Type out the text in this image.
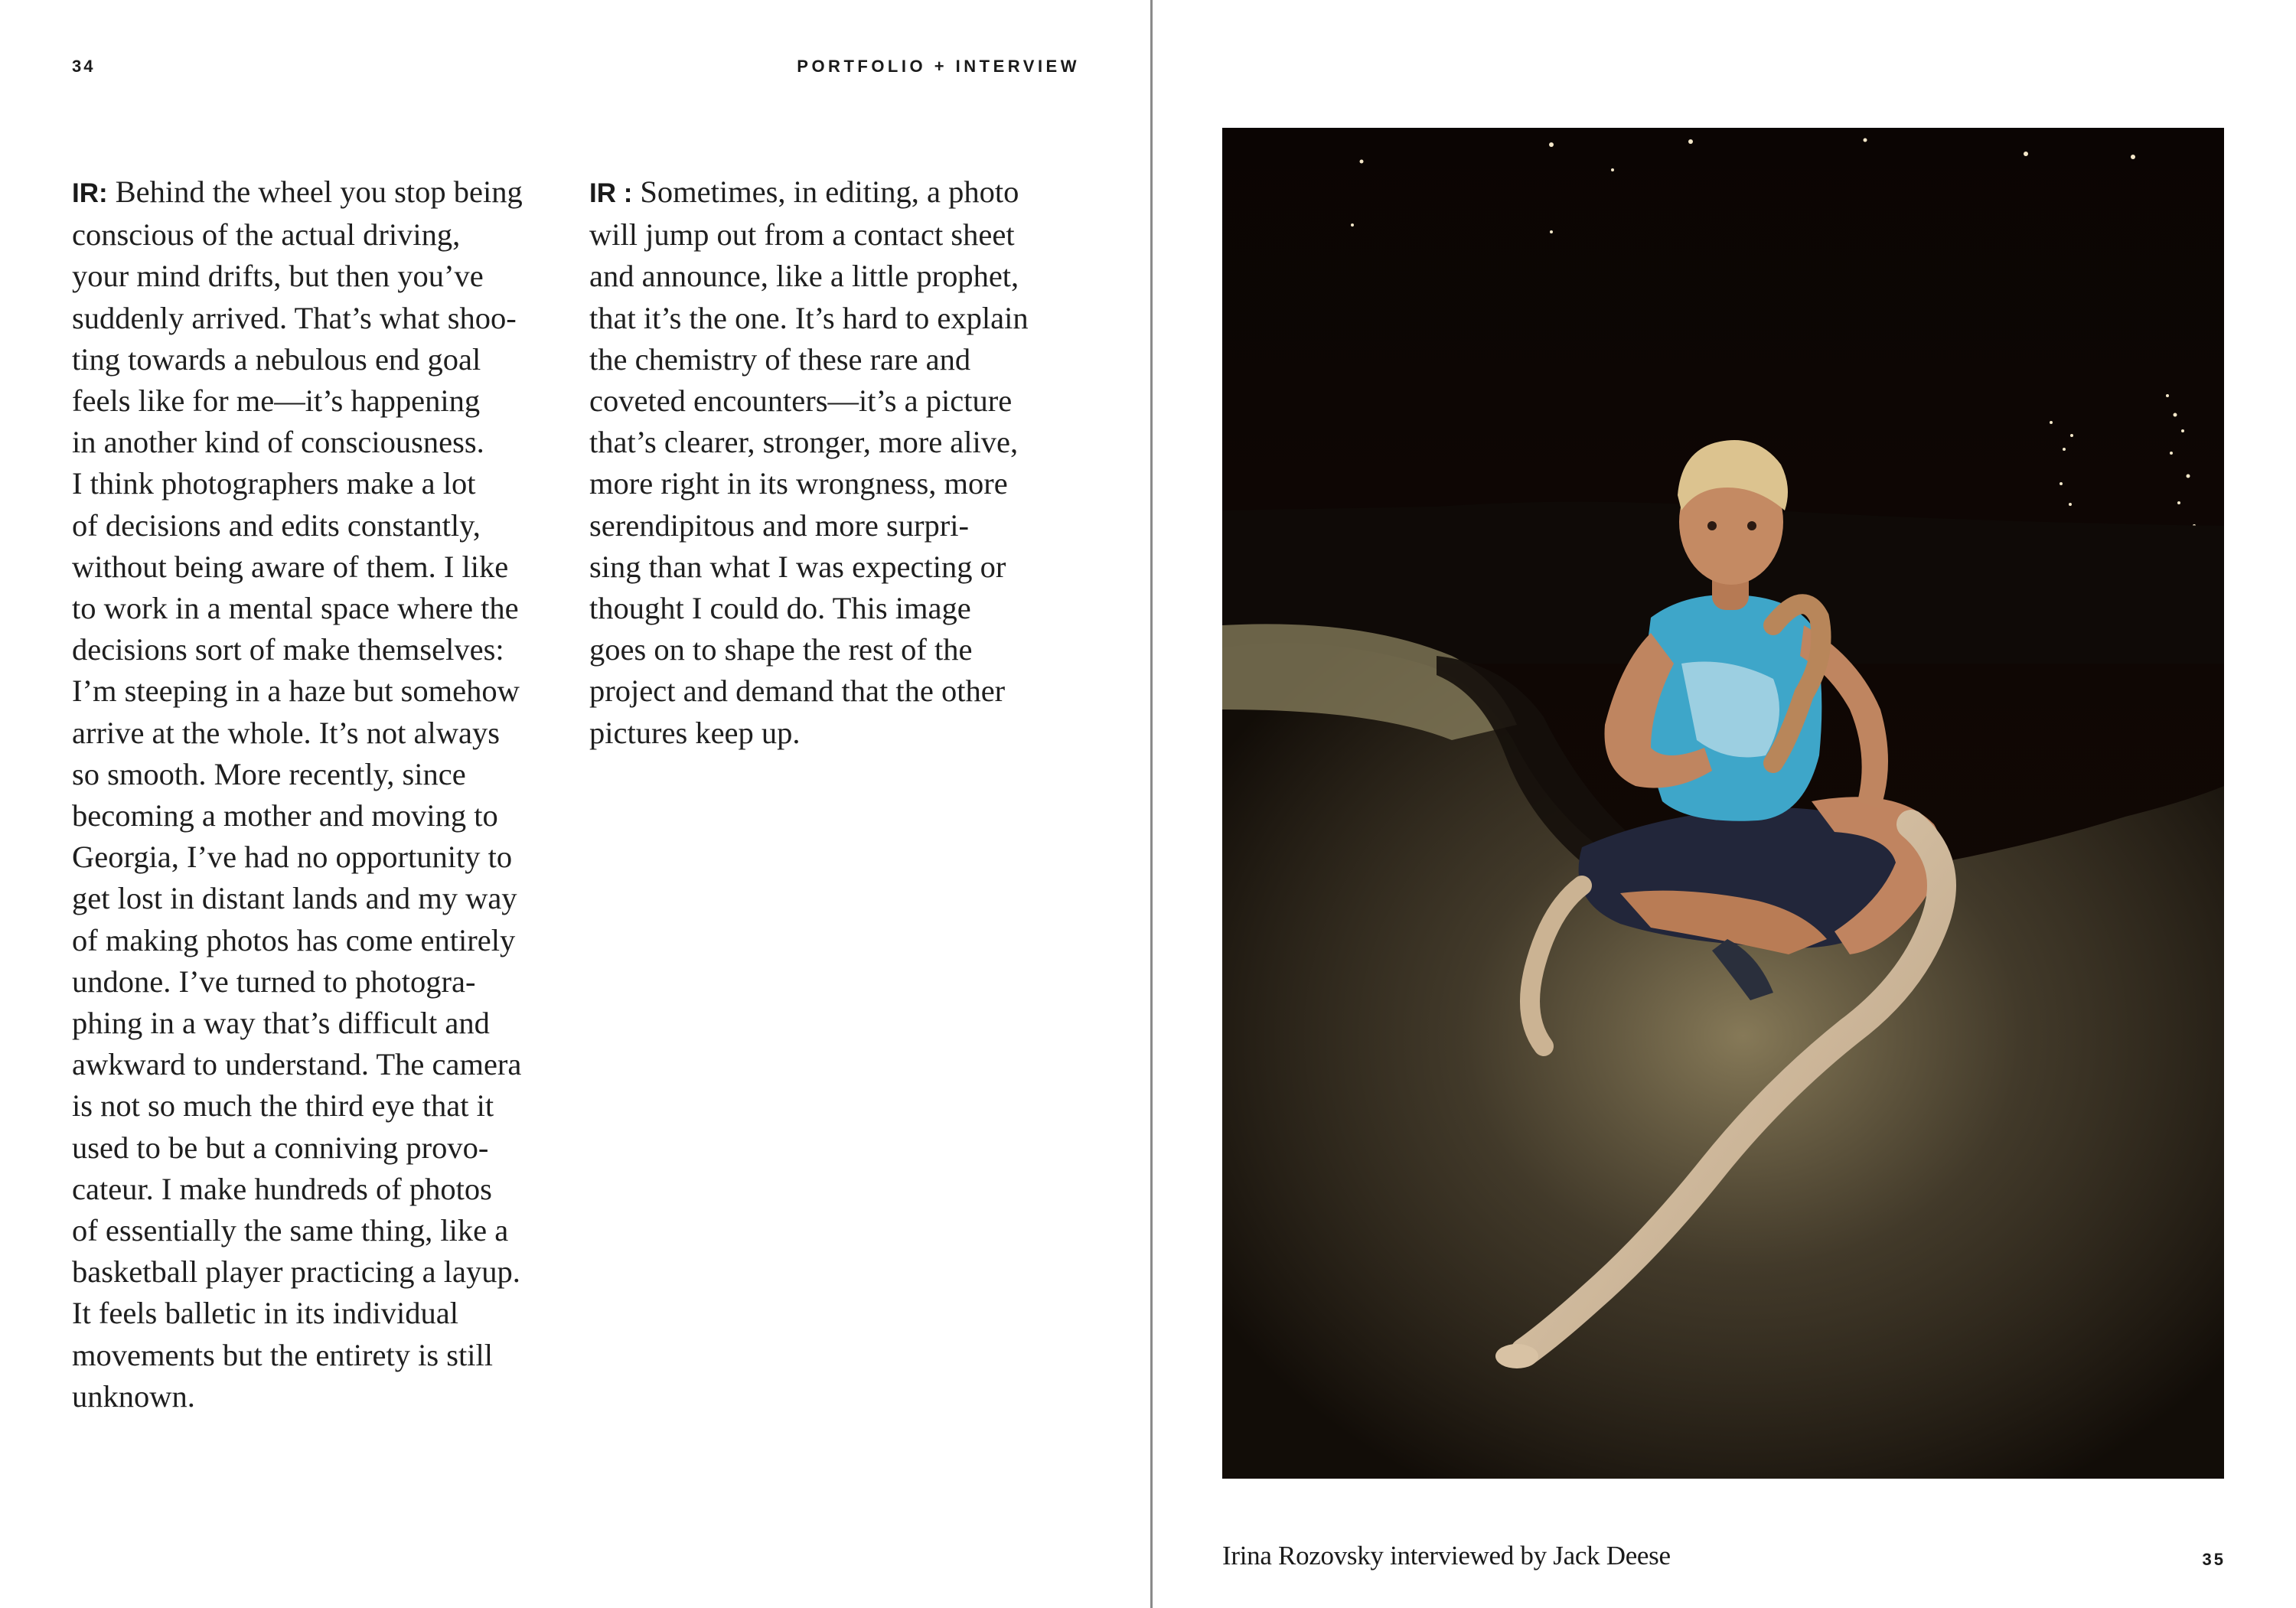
34	PORTFOLIO + INTERVIEW
IR: Behind the wheel you stop being
conscious of the actual driving,
your mind drifts, but then you’ve
suddenly arrived. That’s what shoo-
ting towards a nebulous end goal
feels like for me—it’s happening
in another kind of consciousness.
I think photographers make a lot
of decisions and edits constantly,
without being aware of them. I like
to work in a mental space where the
decisions sort of make themselves:
I’m steeping in a haze but somehow
arrive at the whole. It’s not always
so smooth. More recently, since
becoming a mother and moving to
Georgia, I’ve had no opportunity to
get lost in distant lands and my way
of making photos has come entirely
undone. I’ve turned to photogra-
phing in a way that’s difficult and
awkward to understand. The camera
is not so much the third eye that it
used to be but a conniving provo-
cateur. I make hundreds of photos
of essentially the same thing, like a
basketball player practicing a layup.
It feels balletic in its individual
movements but the entirety is still
unknown.
IR : Sometimes, in editing, a photo
will jump out from a contact sheet
and announce, like a little prophet,
that it’s the one. It’s hard to explain
the chemistry of these rare and
coveted encounters—it’s a picture
that’s clearer, stronger, more alive,
more right in its wrongness, more
serendipitous and more surpri-
sing than what I was expecting or
thought I could do. This image
goes on to shape the rest of the
project and demand that the other
pictures keep up.
Irina Rozovsky interviewed by Jack Deese	35
